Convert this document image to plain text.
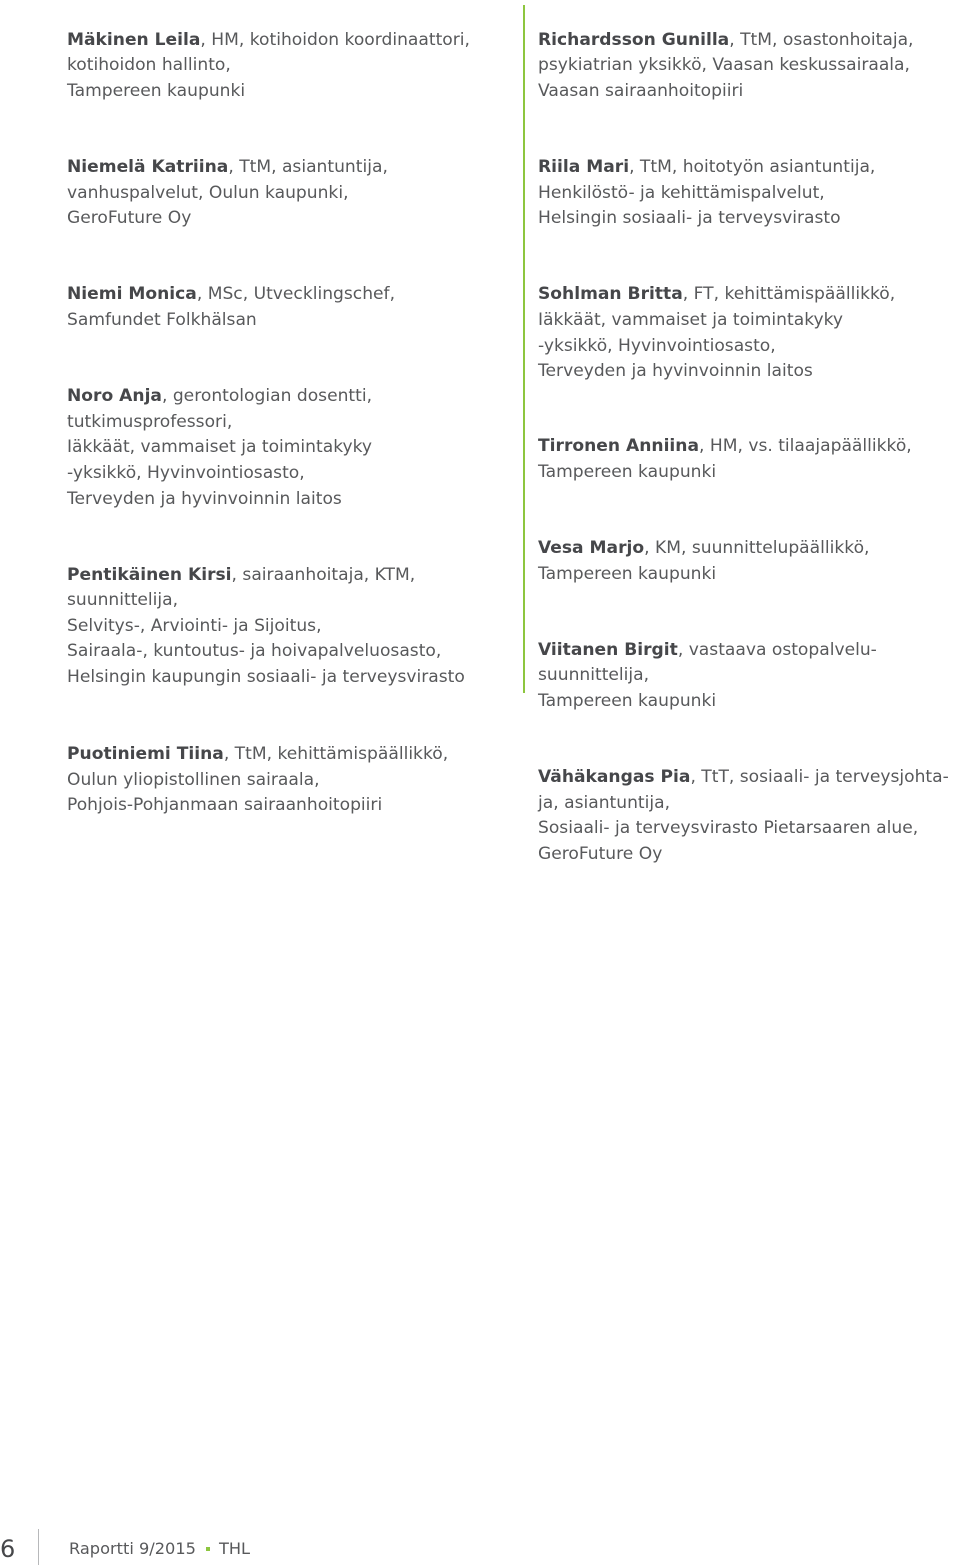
Mäkinen Leila, HM, kotihoidon koordinaattori,
kotihoidon hallinto,
Tampereen kaupunki

Niemelä Katriina, TtM, asiantuntija,
vanhuspalvelut, Oulun kaupunki,
GeroFuture Oy

Niemi Monica, MSc, Utvecklingschef,
Samfundet Folkhälsan

Noro Anja, gerontologian dosentti,
tutkimusprofessori,
Iäkkäät, vammaiset ja toimintakyky
-yksikkö, Hyvinvointiosasto,
Terveyden ja hyvinvoinnin laitos

Pentikäinen Kirsi, sairaanhoitaja, KTM,
suunnittelija,
Selvitys-, Arviointi- ja Sijoitus,
Sairaala-, kuntoutus- ja hoivapalveluosasto,
Helsingin kaupungin sosiaali- ja terveysvirasto

Puotiniemi Tiina, TtM, kehittämispäällikkö,
Oulun yliopistollinen sairaala,
Pohjois-Pohjanmaan sairaanhoitopiiri

Richardsson Gunilla, TtM, osastonhoitaja,
psykiatrian yksikkö, Vaasan keskussairaala,
Vaasan sairaanhoitopiiri

Riila Mari, TtM, hoitotyön asiantuntija,
Henkilöstö- ja kehittämispalvelut,
Helsingin sosiaali- ja terveysvirasto

Sohlman Britta, FT, kehittämispäällikkö,
Iäkkäät, vammaiset ja toimintakyky
-yksikkö, Hyvinvointiosasto,
Terveyden ja hyvinvoinnin laitos

Tirronen Anniina, HM, vs. tilaajapäällikkö,
Tampereen kaupunki

Vesa Marjo, KM, suunnittelupäällikkö,
Tampereen kaupunki

Viitanen Birgit, vastaava ostopalvelu-
suunnittelija,
Tampereen kaupunki

Vähäkangas Pia, TtT, sosiaali- ja terveysjohta-
ja, asiantuntija,
Sosiaali- ja terveysvirasto Pietarsaaren alue,
GeroFuture Oy

6	Raportti 9/2015 THL
